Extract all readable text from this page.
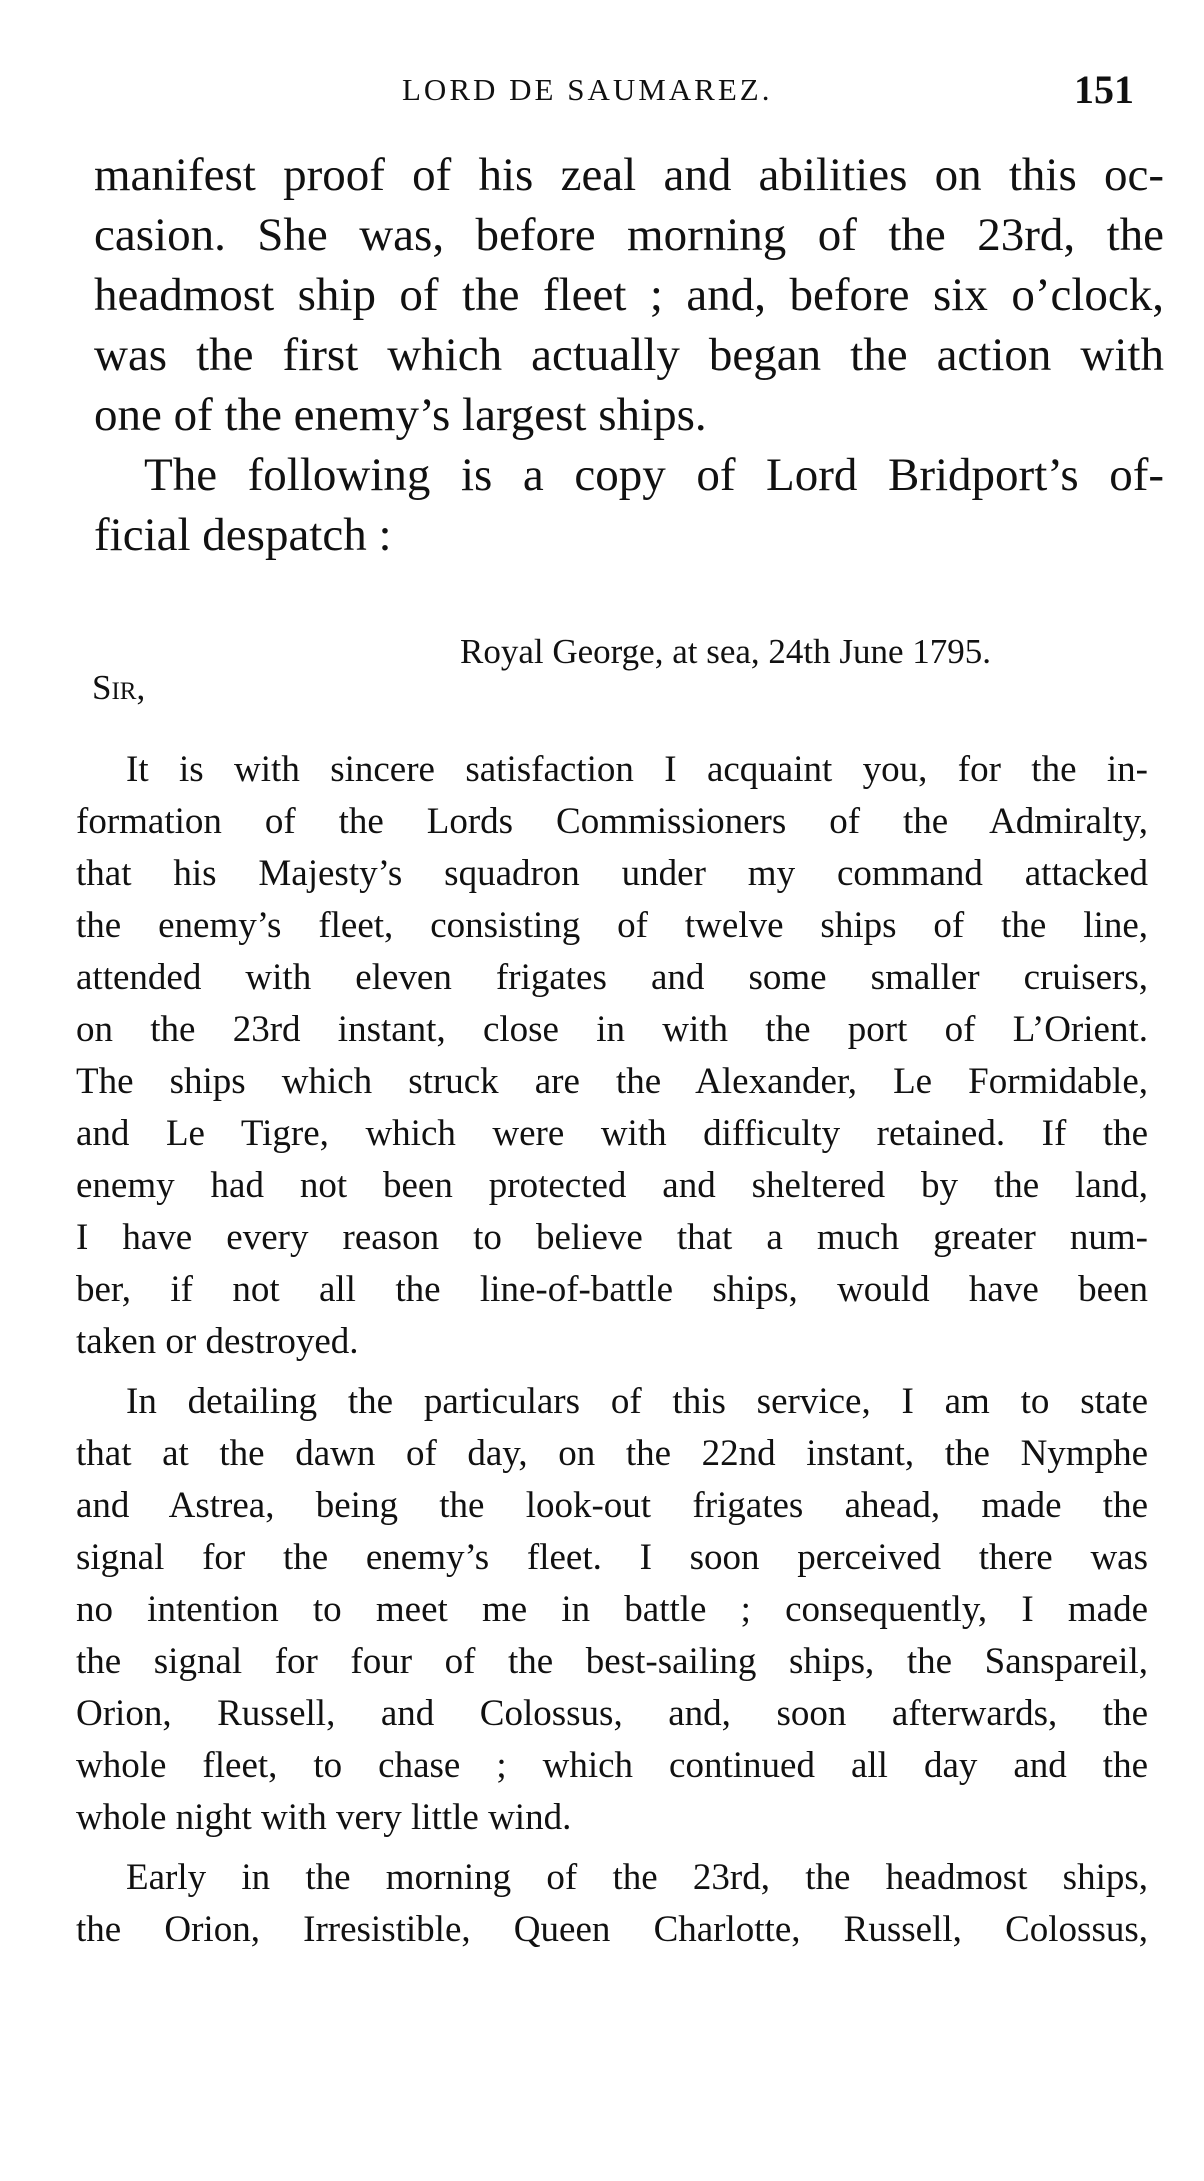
LORD DE SAUMAREZ.	151
manifest proof of his zeal and abilities on this oc-
casion. She was, before morning of the 23rd, the
headmost ship of the fleet ; and, before six o’clock,
was the first which actually began the action with
one of the enemy’s largest ships.
The following is a copy of Lord Bridport’s of-
ficial despatch :
Royal George, at sea, 24th June 1795.
Sir,
It is with sincere satisfaction I acquaint you, for the in-
formation of the Lords Commissioners of the Admiralty,
that his Majesty’s squadron under my command attacked
the enemy’s fleet, consisting of twelve ships of the line,
attended with eleven frigates and some smaller cruisers,
on the 23rd instant, close in with the port of L’Orient.
The ships which struck are the Alexander, Le Formidable,
and Le Tigre, which were with difficulty retained. If the
enemy had not been protected and sheltered by the land,
I have every reason to believe that a much greater num-
ber, if not all the line-of-battle ships, would have been
taken or destroyed.
In detailing the particulars of this service, I am to state
that at the dawn of day, on the 22nd instant, the Nymphe
and Astrea, being the look-out frigates ahead, made the
signal for the enemy’s fleet. I soon perceived there was
no intention to meet me in battle ; consequently, I made
the signal for four of the best-sailing ships, the Sanspareil,
Orion, Russell, and Colossus, and, soon afterwards, the
whole fleet, to chase ; which continued all day and the
whole night with very little wind.
Early in the morning of the 23rd, the headmost ships,
the Orion, Irresistible, Queen Charlotte, Russell, Colossus,
